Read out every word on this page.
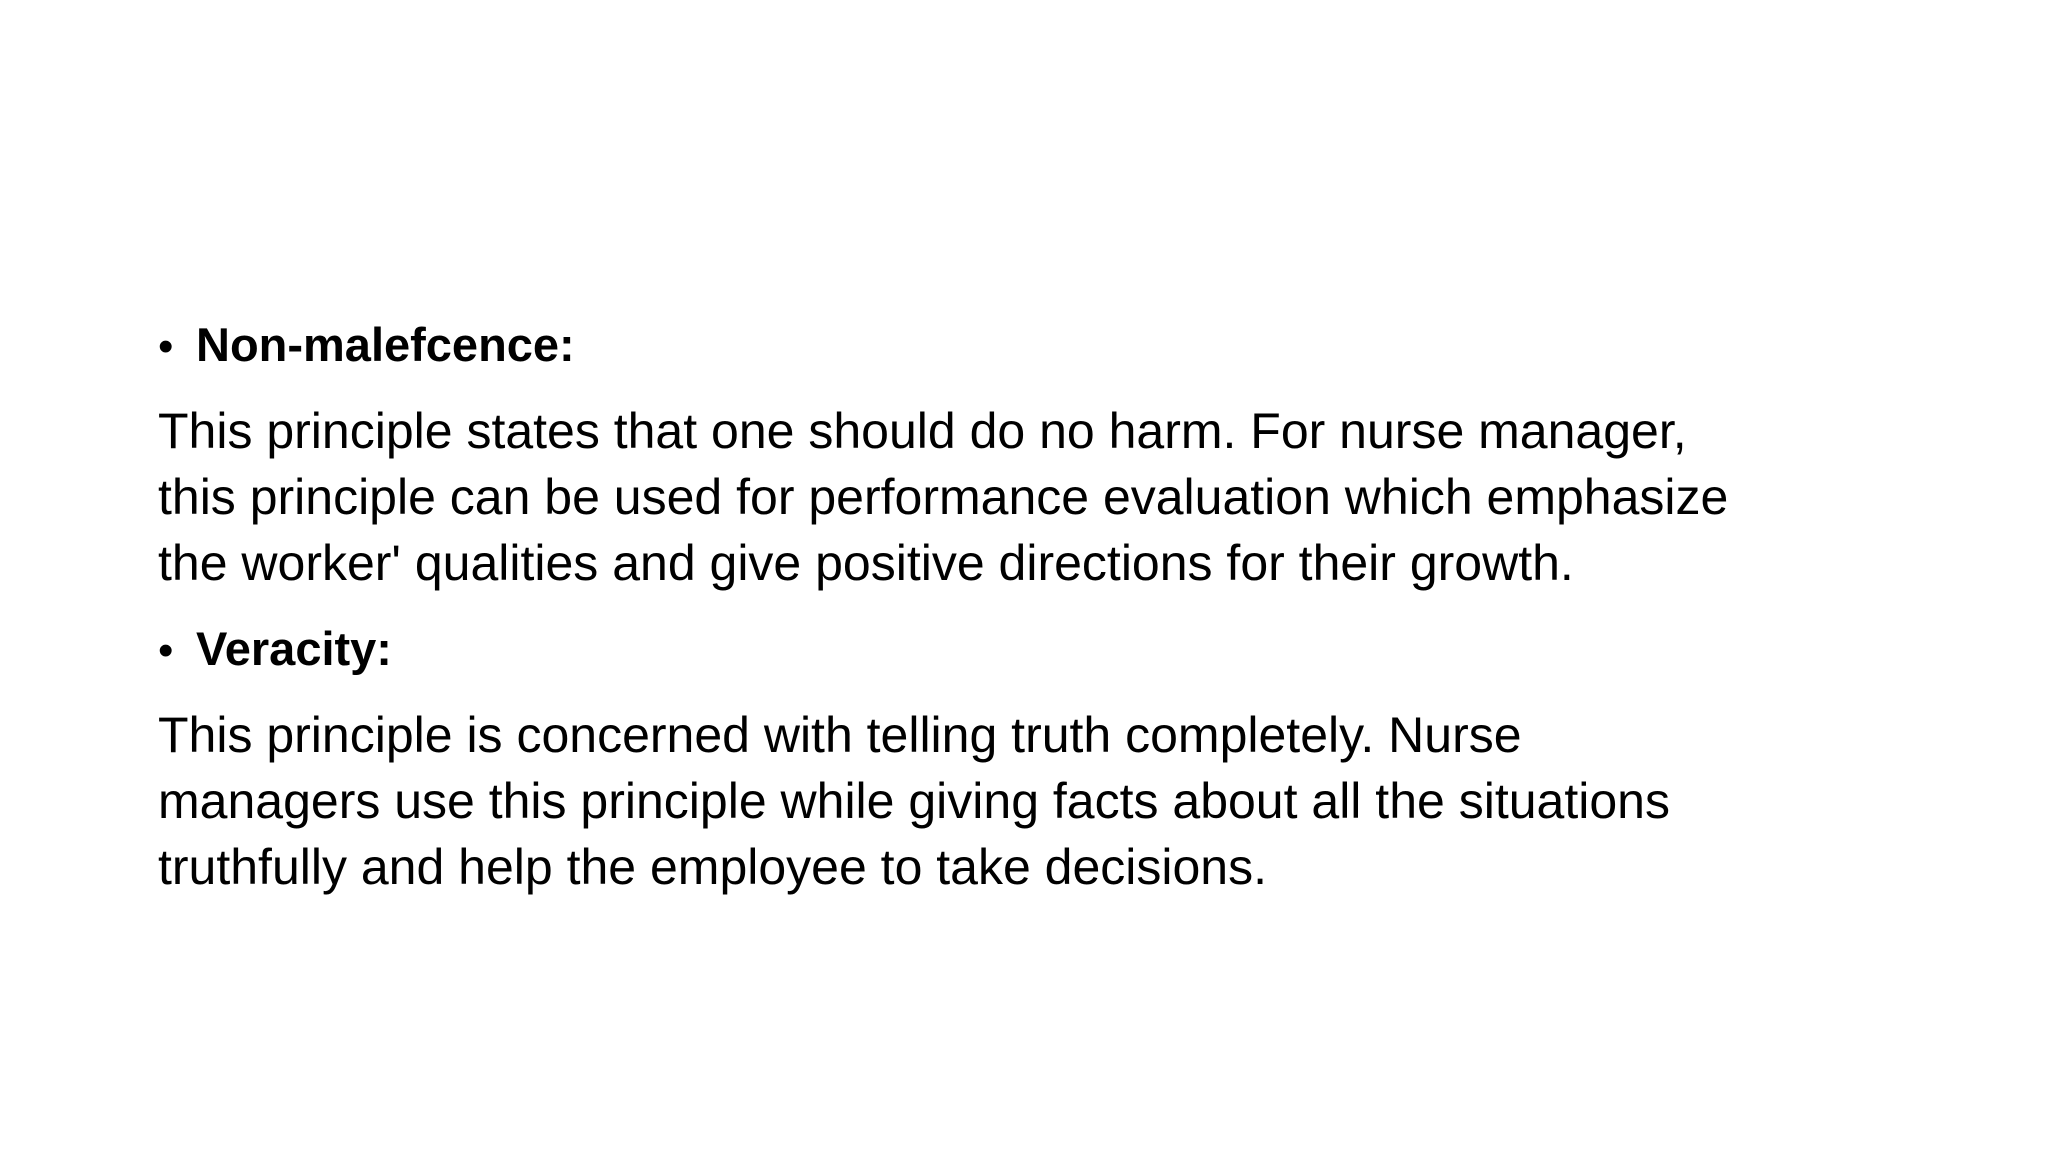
• Non-malefcence:
This principle states that one should do no harm. For nurse manager,
this principle can be used for performance evaluation which emphasize
the worker' qualities and give positive directions for their growth.
• Veracity:
This principle is concerned with telling truth completely. Nurse
managers use this principle while giving facts about all the situations
truthfully and help the employee to take decisions.
